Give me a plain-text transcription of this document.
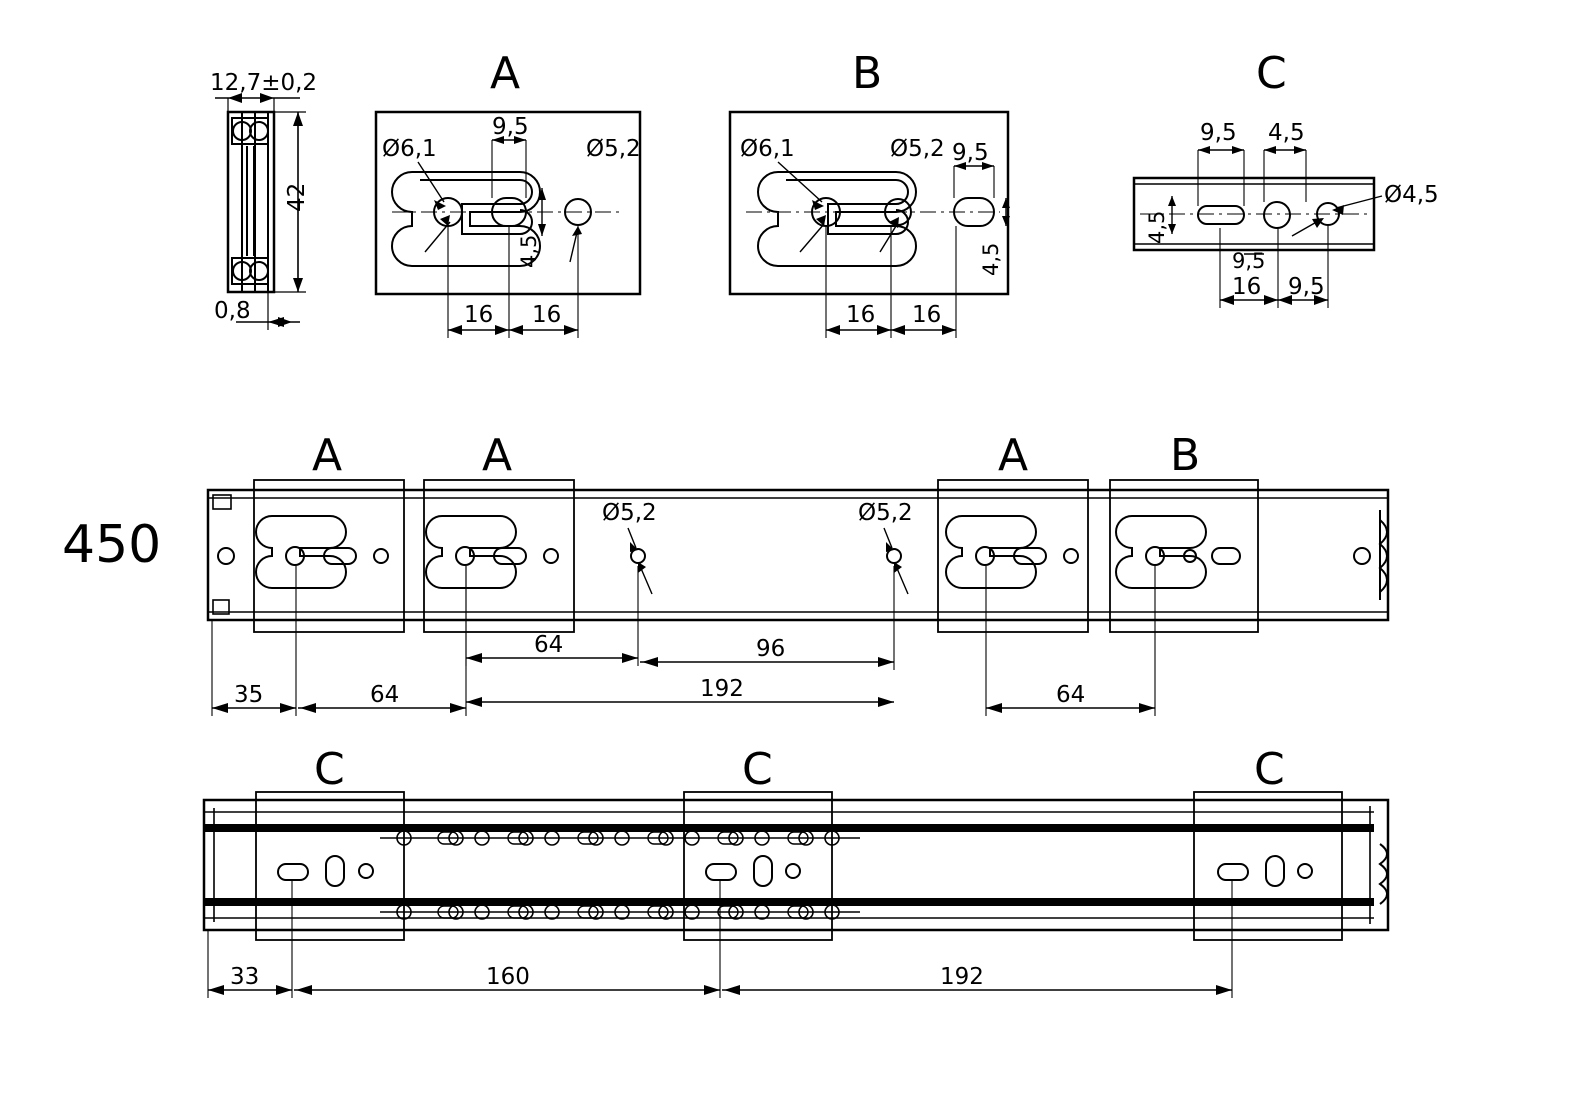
12,7±0,2
42
0,8
A
Ø6,1
9,5
Ø5,2
4,5
16 16
B
Ø6,1	Ø5,2 9,5
4,5
16 16
C
9,5 4,5
4,5
Ø4,5
9,5
16 9,5
450
A	A	A	B
Ø5,2	Ø5,2
64	96
192
35	64	64
C	C	C
33	160	192
